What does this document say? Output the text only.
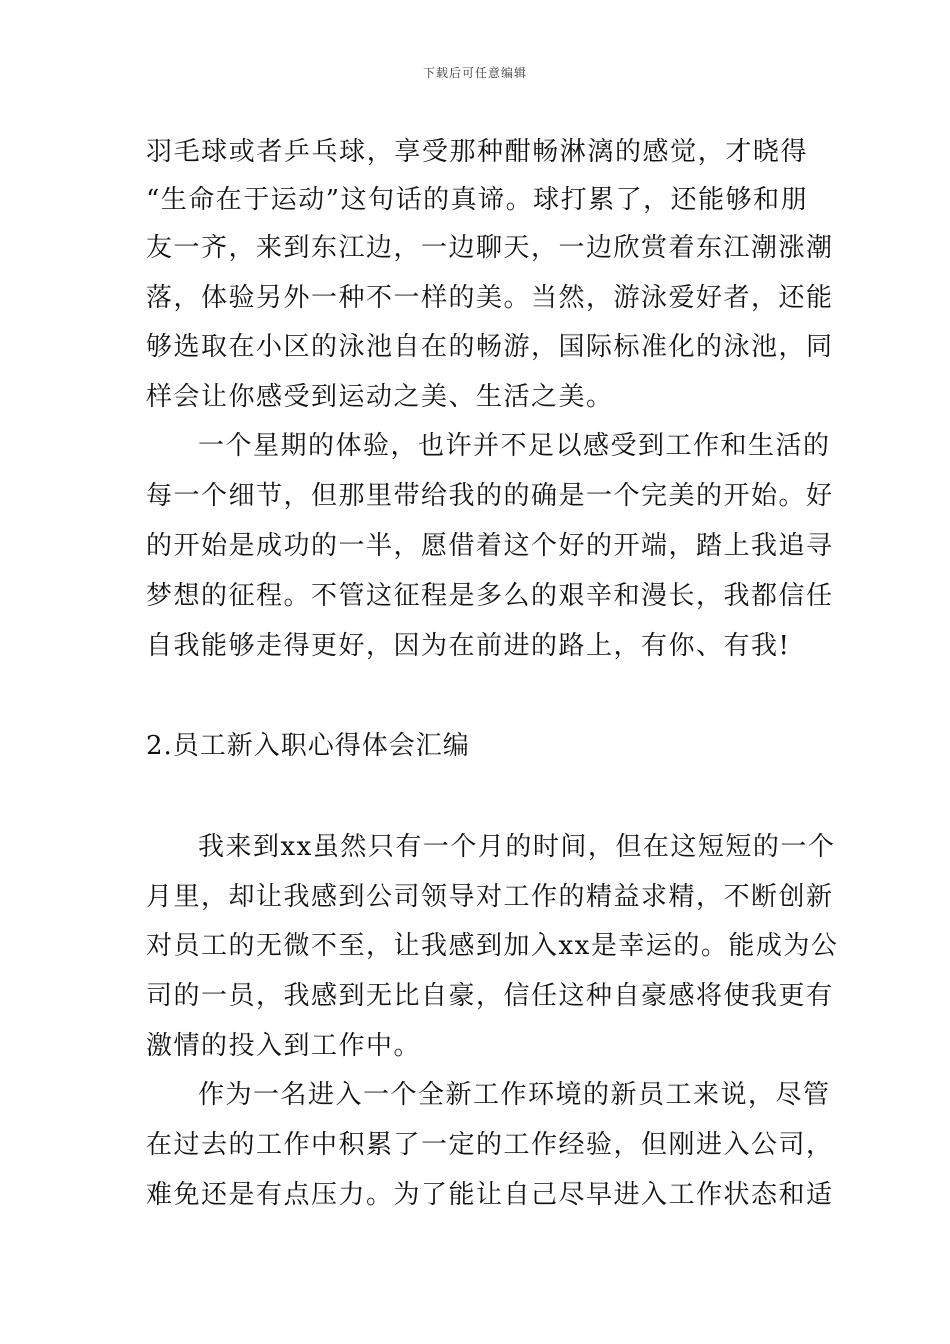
下载后可任意编辑
羽毛球或者乒乓球，享受那种酣畅淋漓的感觉，才晓得
“生命在于运动”这句话的真谛。球打累了，还能够和朋
友一齐，来到东江边，一边聊天，一边欣赏着东江潮涨潮
落，体验另外一种不一样的美。当然，游泳爱好者，还能
够选取在小区的泳池自在的畅游，国际标准化的泳池，同
样会让你感受到运动之美、生活之美。
一个星期的体验，也许并不足以感受到工作和生活的
每一个细节，但那里带给我的的确是一个完美的开始。好
的开始是成功的一半，愿借着这个好的开端，踏上我追寻
梦想的征程。不管这征程是多么的艰辛和漫长，我都信任
自我能够走得更好，因为在前进的路上，有你、有我!
2.员工新入职心得体会汇编
我来到xx虽然只有一个月的时间，但在这短短的一个
月里，却让我感到公司领导对工作的精益求精，不断创新
对员工的无微不至，让我感到加入xx是幸运的。能成为公
司的一员，我感到无比自豪，信任这种自豪感将使我更有
激情的投入到工作中。
作为一名进入一个全新工作环境的新员工来说，尽管
在过去的工作中积累了一定的工作经验，但刚进入公司，
难免还是有点压力。为了能让自己尽早进入工作状态和适
